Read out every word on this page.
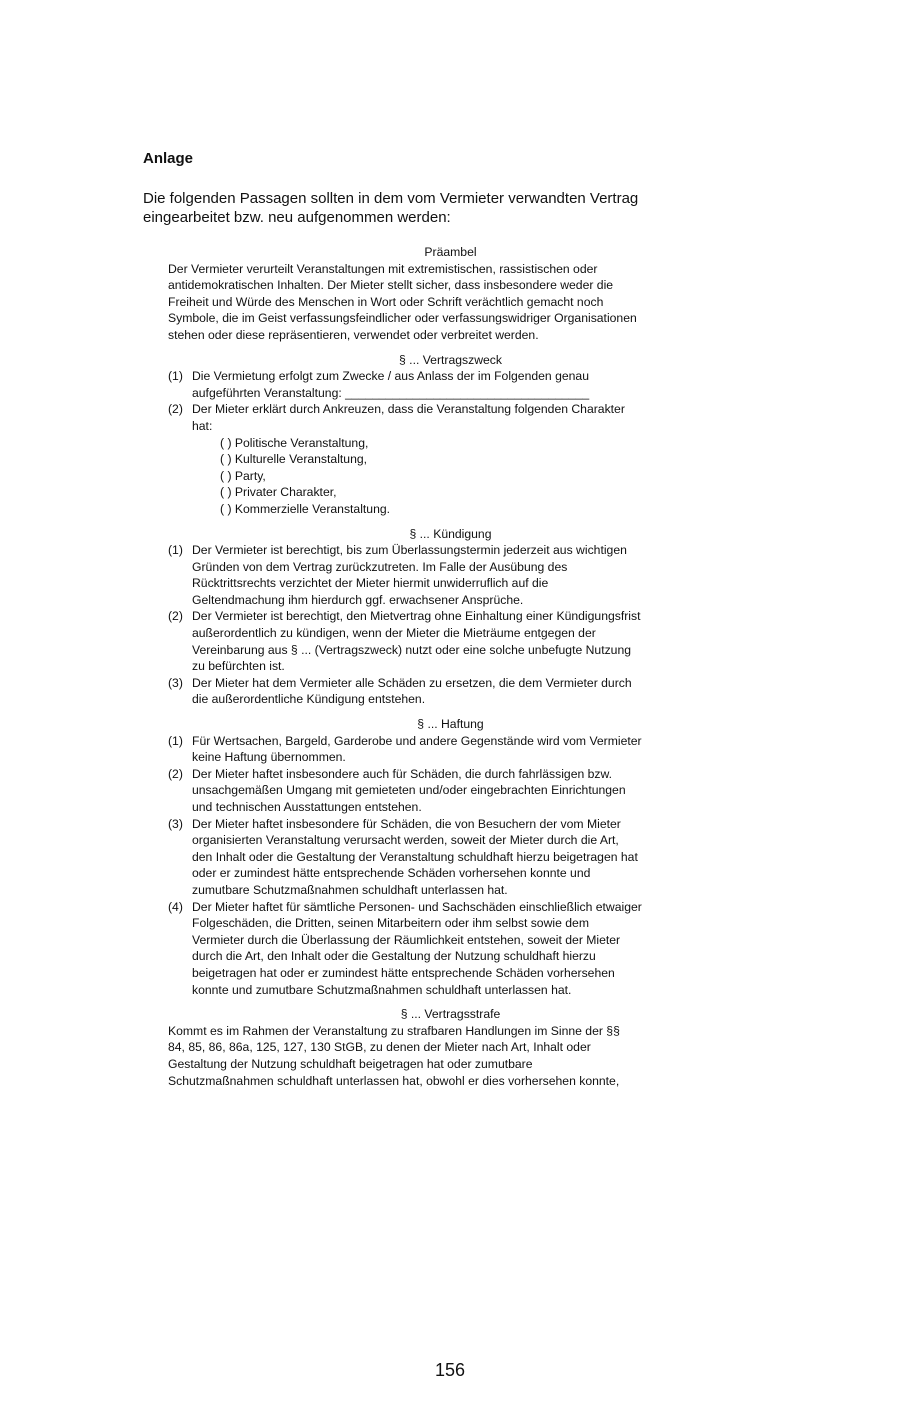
Anlage
Die folgenden Passagen sollten in dem vom Vermieter verwandten Vertrag
eingearbeitet bzw. neu aufgenommen werden:

Präambel

Der Vermieter verurteilt Veranstaltungen mit extremistischen, rassistischen oder

antidemokratischen Inhalten. Der Mieter stellt sicher, dass insbesondere weder die

Freiheit und Würde des Menschen in Wort oder Schrift verächtlich gemacht noch

Symbole, die im Geist verfassungsfeindlicher oder verfassungswidriger Organisationen

stehen oder diese repräsentieren, verwendet oder verbreitet werden.

§ ... Vertragszweck

(1) Die Vermietung erfolgt zum Zwecke / aus Anlass der im Folgenden genau

aufgeführten Veranstaltung: ____________________________________

(2) Der Mieter erklärt durch Ankreuzen, dass die Veranstaltung folgenden Charakter

hat:

( ) Politische Veranstaltung,

( ) Kulturelle Veranstaltung,

( ) Party,

( ) Privater Charakter,

( ) Kommerzielle Veranstaltung.

§ ... Kündigung

(1) Der Vermieter ist berechtigt, bis zum Überlassungstermin jederzeit aus wichtigen

Gründen von dem Vertrag zurückzutreten. Im Falle der Ausübung des

Rücktrittsrechts verzichtet der Mieter hiermit unwiderruflich auf die

Geltendmachung ihm hierdurch ggf. erwachsener Ansprüche.

(2) Der Vermieter ist berechtigt, den Mietvertrag ohne Einhaltung einer Kündigungsfrist

außerordentlich zu kündigen, wenn der Mieter die Mieträume entgegen der

Vereinbarung aus § ... (Vertragszweck) nutzt oder eine solche unbefugte Nutzung

zu befürchten ist.

(3) Der Mieter hat dem Vermieter alle Schäden zu ersetzen, die dem Vermieter durch

die außerordentliche Kündigung entstehen.

§ ... Haftung

(1) Für Wertsachen, Bargeld, Garderobe und andere Gegenstände wird vom Vermieter

keine Haftung übernommen.

(2) Der Mieter haftet insbesondere auch für Schäden, die durch fahrlässigen bzw.

unsachgemäßen Umgang mit gemieteten und/oder eingebrachten Einrichtungen

und technischen Ausstattungen entstehen.

(3) Der Mieter haftet insbesondere für Schäden, die von Besuchern der vom Mieter

organisierten Veranstaltung verursacht werden, soweit der Mieter durch die Art,

den Inhalt oder die Gestaltung der Veranstaltung schuldhaft hierzu beigetragen hat

oder er zumindest hätte entsprechende Schäden vorhersehen konnte und

zumutbare Schutzmaßnahmen schuldhaft unterlassen hat.

(4) Der Mieter haftet für sämtliche Personen- und Sachschäden einschließlich etwaiger

Folgeschäden, die Dritten, seinen Mitarbeitern oder ihm selbst sowie dem

Vermieter durch die Überlassung der Räumlichkeit entstehen, soweit der Mieter

durch die Art, den Inhalt oder die Gestaltung der Nutzung schuldhaft hierzu

beigetragen hat oder er zumindest hätte entsprechende Schäden vorhersehen

konnte und zumutbare Schutzmaßnahmen schuldhaft unterlassen hat.

§ ... Vertragsstrafe

Kommt es im Rahmen der Veranstaltung zu strafbaren Handlungen im Sinne der §§

84, 85, 86, 86a, 125, 127, 130 StGB, zu denen der Mieter nach Art, Inhalt oder

Gestaltung der Nutzung schuldhaft beigetragen hat oder zumutbare

Schutzmaßnahmen schuldhaft unterlassen hat, obwohl er dies vorhersehen konnte,

156
